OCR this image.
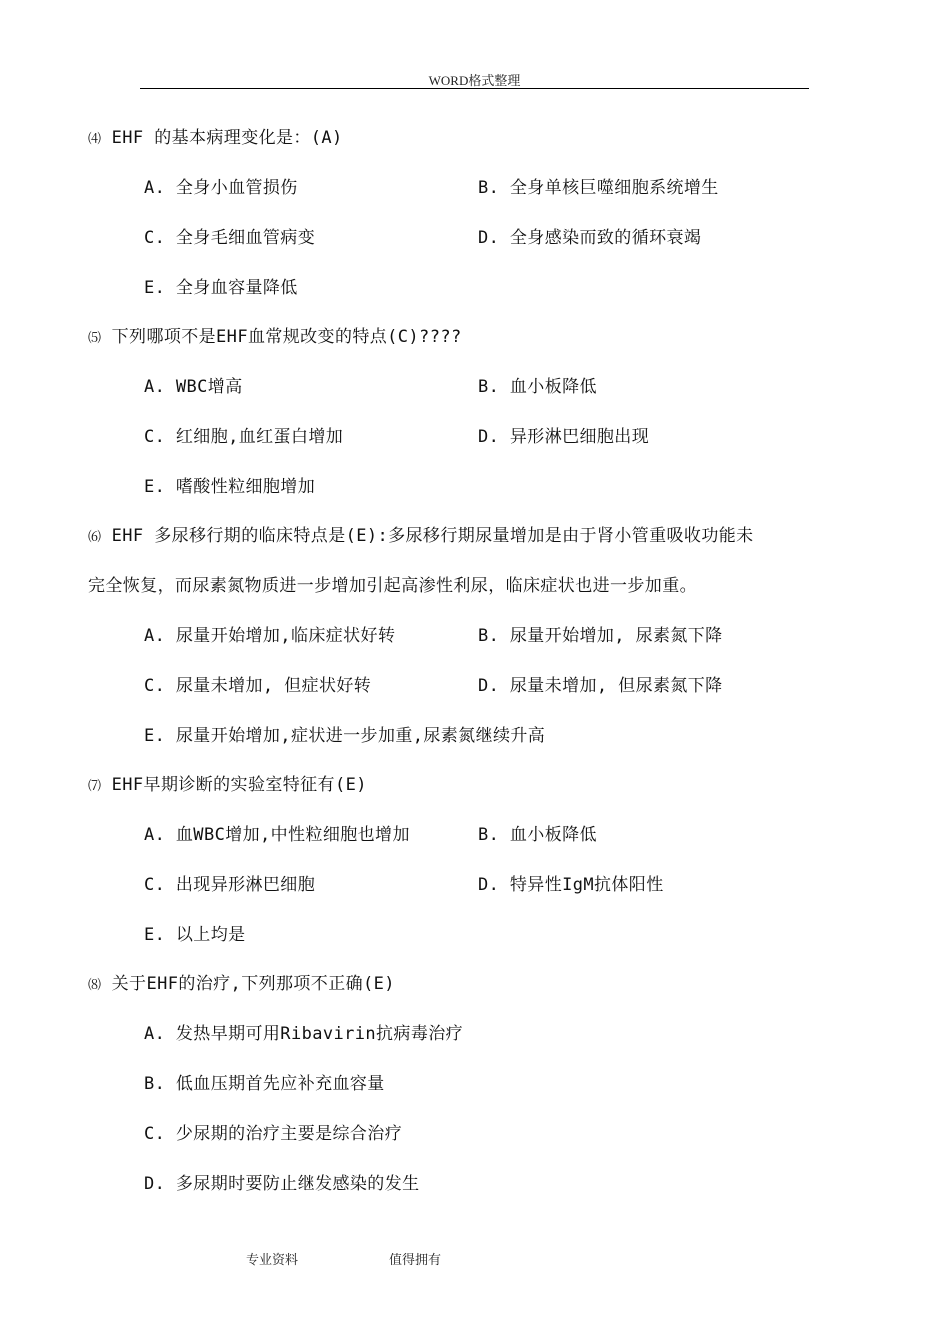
WORD格式整理
⑷ EHF 的基本病理变化是：(A)
A. 全身小血管损伤	B. 全身单核巨噬细胞系统增生
C. 全身毛细血管病变	D. 全身感染而致的循环衰竭
E. 全身血容量降低
⑸ 下列哪项不是EHF血常规改变的特点(C)????
A. WBC增高	B. 血小板降低
C. 红细胞,血红蛋白增加	D. 异形淋巴细胞出现
E. 嗜酸性粒细胞增加
⑹ EHF 多尿移行期的临床特点是(E):多尿移行期尿量增加是由于肾小管重吸收功能未
完全恢复，而尿素氮物质进一步增加引起高渗性利尿，临床症状也进一步加重。
A. 尿量开始增加,临床症状好转	B. 尿量开始增加, 尿素氮下降
C. 尿量未增加, 但症状好转	D. 尿量未增加, 但尿素氮下降
E. 尿量开始增加,症状进一步加重,尿素氮继续升高
⑺ EHF早期诊断的实验室特征有(E)
A. 血WBC增加,中性粒细胞也增加	B. 血小板降低
C. 出现异形淋巴细胞	D. 特异性IgM抗体阳性
E. 以上均是
⑻ 关于EHF的治疗,下列那项不正确(E)
A. 发热早期可用Ribavirin抗病毒治疗
B. 低血压期首先应补充血容量
C. 少尿期的治疗主要是综合治疗
D. 多尿期时要防止继发感染的发生
专业资料	值得拥有
